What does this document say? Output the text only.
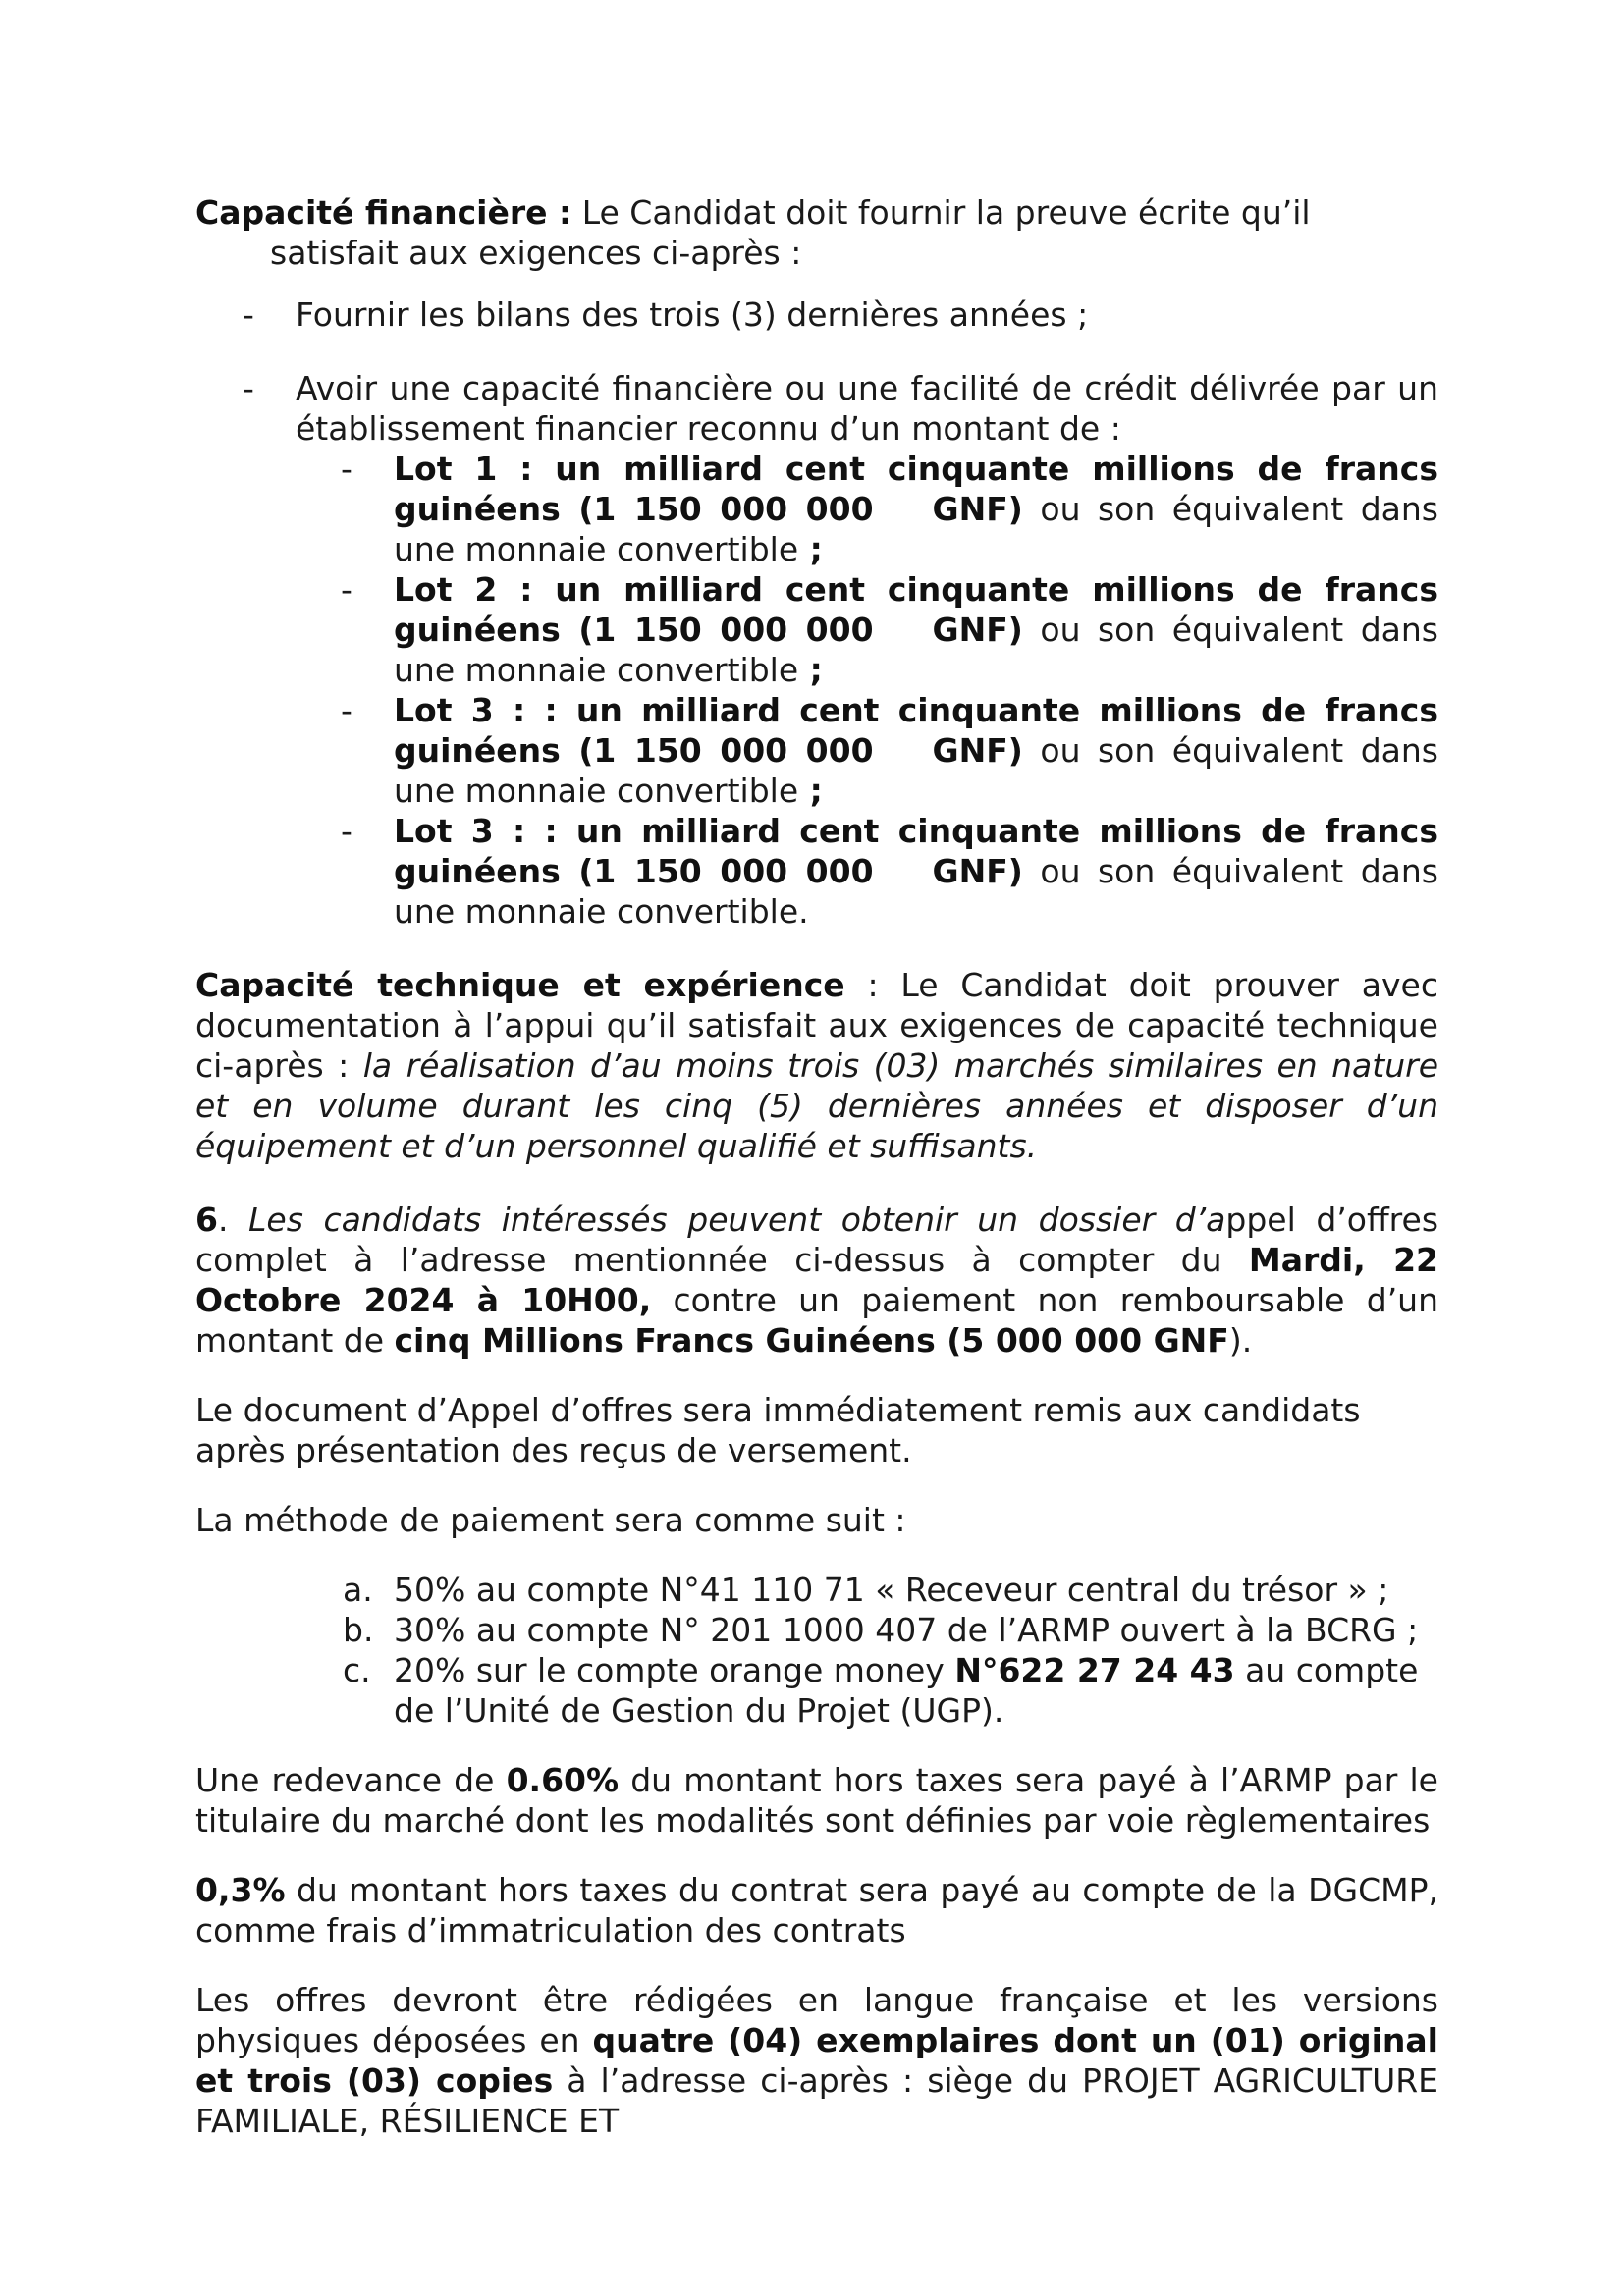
Capacité financière : Le Candidat doit fournir la preuve écrite qu’il satisfait aux exigences ci-après :

- Fournir les bilans des trois (3) dernières années ;
- Avoir une capacité financière ou une facilité de crédit délivrée par un établissement financier reconnu d’un montant de :
- Lot 1 : un milliard cent cinquante millions de francs guinéens (1 150 000 000 GNF) ou son équivalent dans une monnaie convertible ;
- Lot 2 : un milliard cent cinquante millions de francs guinéens (1 150 000 000 GNF) ou son équivalent dans une monnaie convertible ;
- Lot 3 : : un milliard cent cinquante millions de francs guinéens (1 150 000 000 GNF) ou son équivalent dans une monnaie convertible ;
- Lot 3 : : un milliard cent cinquante millions de francs guinéens (1 150 000 000 GNF) ou son équivalent dans une monnaie convertible.

Capacité technique et expérience : Le Candidat doit prouver avec documentation à l’appui qu’il satisfait aux exigences de capacité technique ci-après : la réalisation d’au moins trois (03) marchés similaires en nature et en volume durant les cinq (5) dernières années et disposer d’un équipement et d’un personnel qualifié et suffisants.

6. Les candidats intéressés peuvent obtenir un dossier d’appel d’offres complet à l’adresse mentionnée ci-dessus à compter du Mardi, 22 Octobre 2024 à 10H00, contre un paiement non remboursable d’un montant de cinq Millions Francs Guinéens (5 000 000 GNF).

Le document d’Appel d’offres sera immédiatement remis aux candidats après présentation des reçus de versement.

La méthode de paiement sera comme suit :

a. 50% au compte N°41 110 71 « Receveur central du trésor » ;
b. 30% au compte N° 201 1000 407 de l’ARMP ouvert à la BCRG ;
c. 20% sur le compte orange money N°622 27 24 43 au compte de l’Unité de Gestion du Projet (UGP).

Une redevance de 0.60% du montant hors taxes sera payé à l’ARMP par le titulaire du marché dont les modalités sont définies par voie règlementaires

0,3% du montant hors taxes du contrat sera payé au compte de la DGCMP, comme frais d’immatriculation des contrats

Les offres devront être rédigées en langue française et les versions physiques déposées en quatre (04) exemplaires dont un (01) original et trois (03) copies à l’adresse ci-après : siège du PROJET AGRICULTURE FAMILIALE, RÉSILIENCE ET
